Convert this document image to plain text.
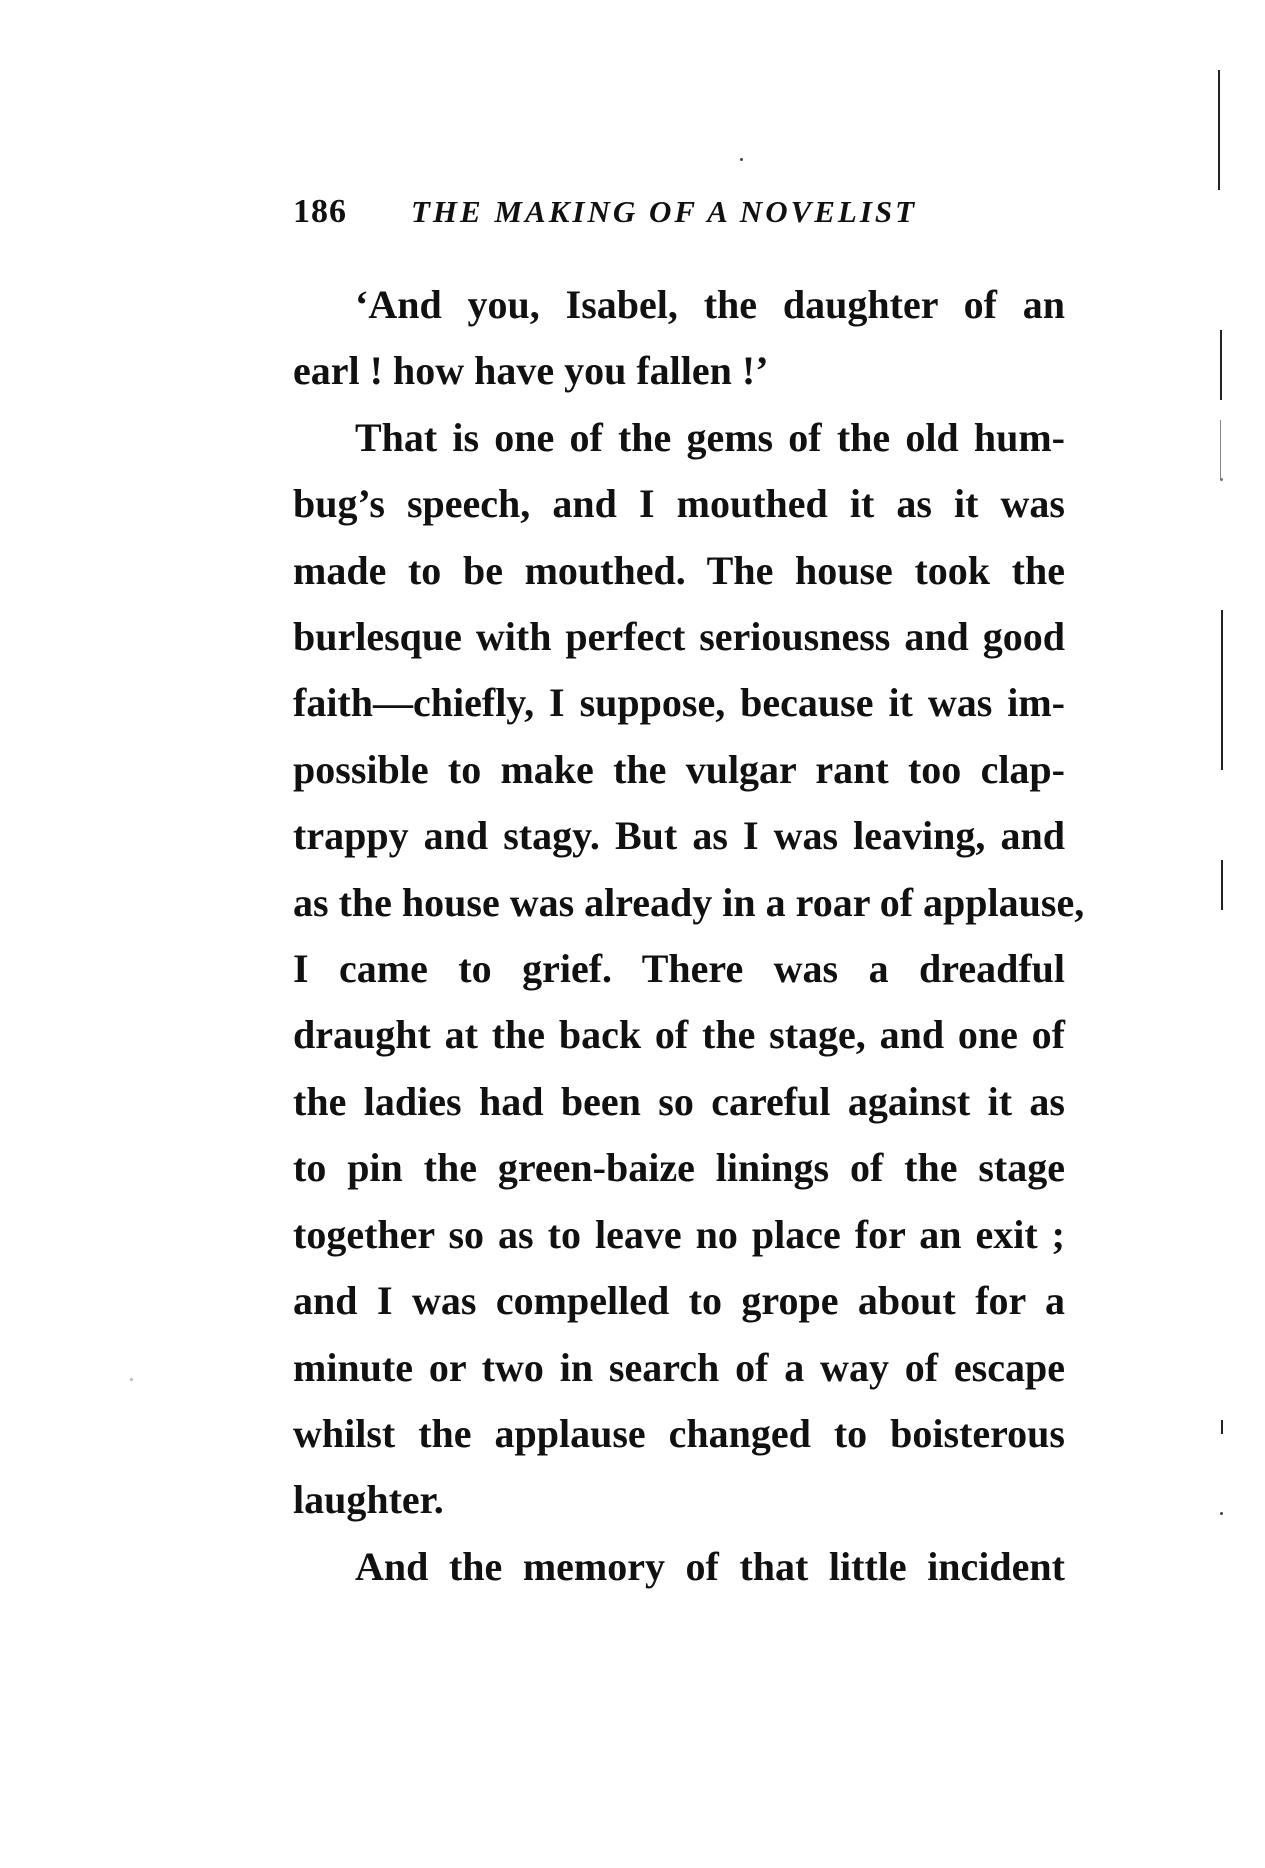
186 THE MAKING OF A NOVELIST
‘And you, Isabel, the daughter of an
earl ! how have you fallen !’
That is one of the gems of the old hum-
bug’s speech, and I mouthed it as it was
made to be mouthed. The house took the
burlesque with perfect seriousness and good
faith—chiefly, I suppose, because it was im-
possible to make the vulgar rant too clap-
trappy and stagy. But as I was leaving, and
as the house was already in a roar of applause,
I came to grief. There was a dreadful
draught at the back of the stage, and one of
the ladies had been so careful against it as
to pin the green-baize linings of the stage
together so as to leave no place for an exit ;
and I was compelled to grope about for a
minute or two in search of a way of escape
whilst the applause changed to boisterous
laughter.
And the memory of that little incident
